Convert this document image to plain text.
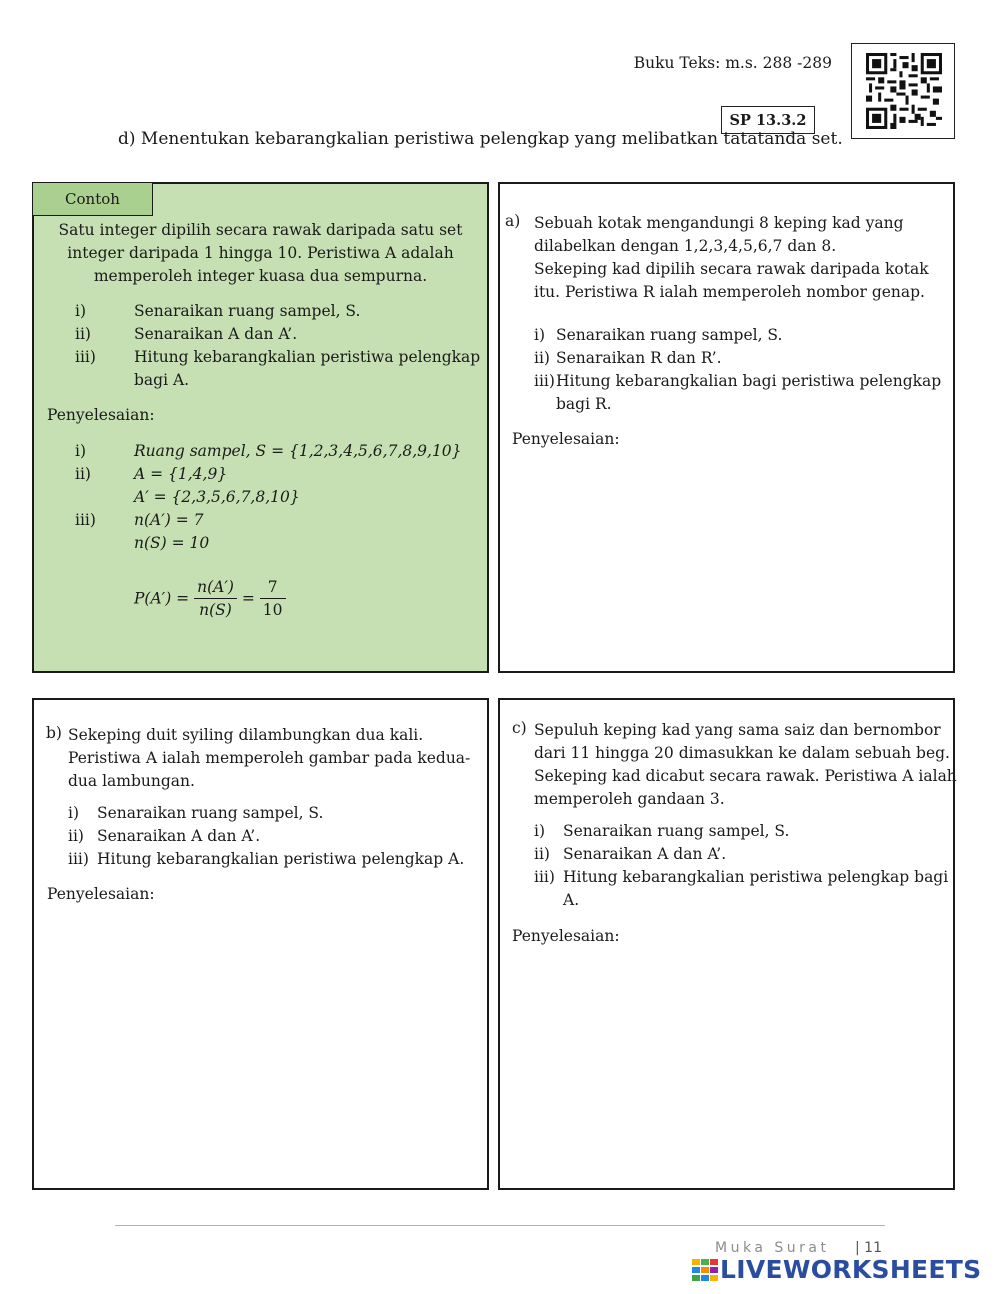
Buku Teks: m.s. 288 -289
SP 13.3.2
d) Menentukan kebarangkalian peristiwa pelengkap yang melibatkan tatatanda set.
Contoh
Satu integer dipilih secara rawak daripada satu set
integer daripada 1 hingga 10. Peristiwa A adalah
memperoleh integer kuasa dua sempurna.
i)	Senaraikan ruang sampel, S.
ii)	Senaraikan A dan A’.
iii) Hitung kebarangkalian peristiwa pelengkap
bagi A.
Penyelesaian:
i)	Ruang sampel, S = {1,2,3,4,5,6,7,8,9,10}
ii)	A = {1,4,9}
A′ = {2,3,5,6,7,8,10}
iii) n(A′) = 7
n(S) = 10
$P(A') = \frac{n(A')}{n(S)} = \frac{7}{10}$
a) Sebuah kotak mengandungi 8 keping kad yang
dilabelkan dengan 1,2,3,4,5,6,7 dan 8.
Sekeping kad dipilih secara rawak daripada kotak
itu. Peristiwa R ialah memperoleh nombor genap.
i) Senaraikan ruang sampel, S.
ii) Senaraikan R dan R’.
iii) Hitung kebarangkalian bagi peristiwa pelengkap
bagi R.
Penyelesaian:
b) Sekeping duit syiling dilambungkan dua kali.
Peristiwa A ialah memperoleh gambar pada kedua-
dua lambungan.
i) Senaraikan ruang sampel, S.
ii) Senaraikan A dan A’.
iii) Hitung kebarangkalian peristiwa pelengkap A.
Penyelesaian:
c) Sepuluh keping kad yang sama saiz dan bernombor
dari 11 hingga 20 dimasukkan ke dalam sebuah beg.
Sekeping kad dicabut secara rawak. Peristiwa A ialah
memperoleh gandaan 3.
i) Senaraikan ruang sampel, S.
ii) Senaraikan A dan A’.
iii) Hitung kebarangkalian peristiwa pelengkap bagi
A.
Penyelesaian:
Muka Surat | 11
LIVEWORKSHEETS
